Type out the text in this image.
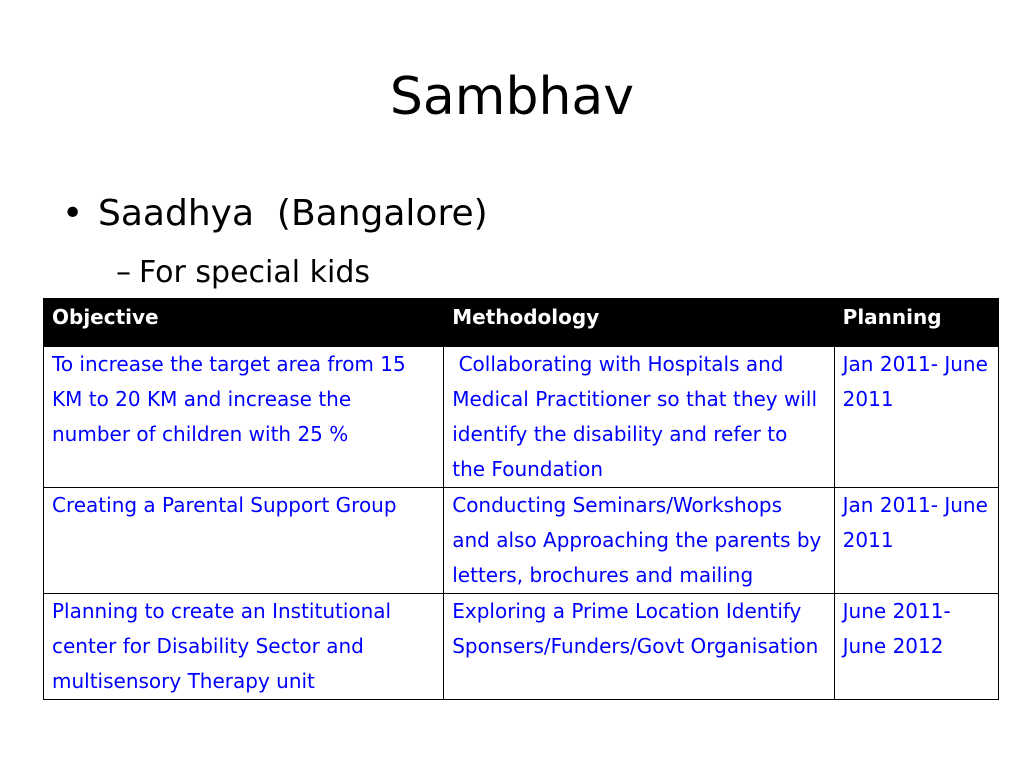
Sambhav
• Saadhya  (Bangalore)
– For special kids
Objective	Methodology	Planning
To increase the target area from 15 KM to 20 KM and increase the number of children with 25 %	Collaborating with Hospitals and Medical Practitioner so that they will identify the disability and refer to the Foundation	Jan 2011- June 2011
Creating a Parental Support Group	Conducting Seminars/Workshops and also Approaching the parents by letters, brochures and mailing	Jan 2011- June 2011
Planning to create an Institutional center for Disability Sector and multisensory Therapy unit	Exploring a Prime Location Identify Sponsers/Funders/Govt Organisation	June 2011- June 2012
